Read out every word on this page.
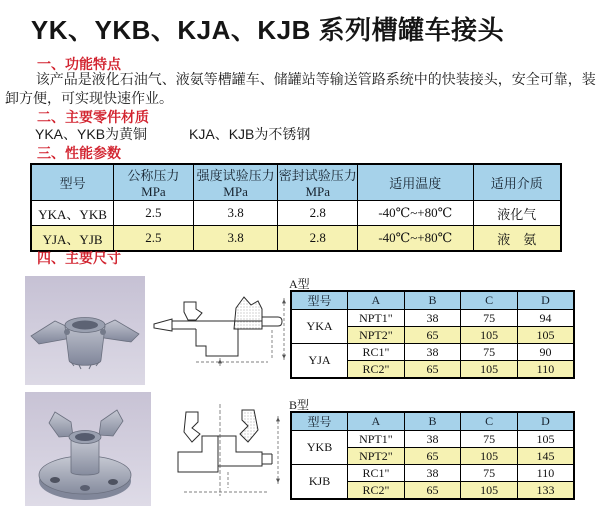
YK、YKB、KJA、KJB 系列槽罐车接头
一、功能特点
该产品是液化石油气、液氨等槽罐车、储罐站等输送管路系统中的快装接头，安全可靠，装卸方便，可实现快速作业。
二、主要零件材质
YKA、YKB为黄铜　　　KJA、KJB为不锈钢
三、性能参数
型号	公称压力 MPa	强度试验压力MPa	密封试验压力MPa	适用温度	适用介质
YKA、YKB	2.5	3.8	2.8	-40℃~+80℃	液化气
YJA、YJB	2.5	3.8	2.8	-40℃~+80℃	液　氨
四、主要尺寸
A型
型号	A	B	C	D
YKA	NPT1"	38	75	94
	NPT2"	65	105	105
YJA	RC1"	38	75	90
	RC2"	65	105	110
B型
型号	A	B	C	D
YKB	NPT1"	38	75	105
	NPT2"	65	105	145
KJB	RC1"	38	75	110
	RC2"	65	105	133
